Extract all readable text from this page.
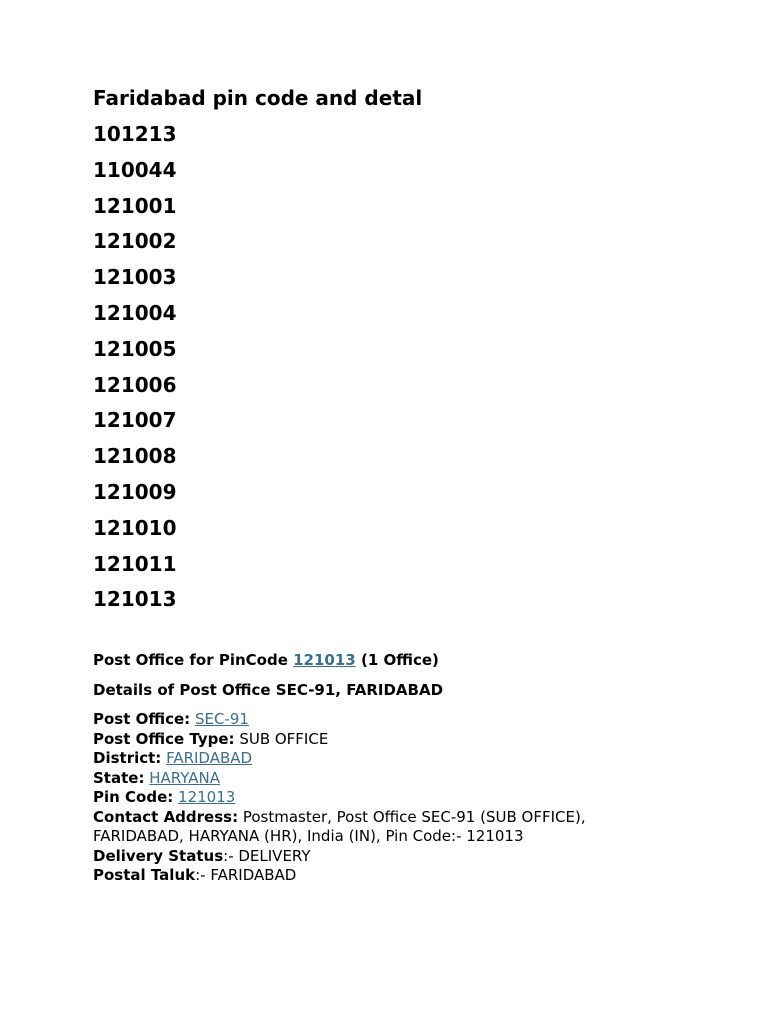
Faridabad pin code and detal
101213
110044
121001
121002
121003
121004
121005
121006
121007
121008
121009
121010
121011
121013

Post Office for PinCode 121013 (1 Office)

Details of Post Office SEC-91, FARIDABAD

Post Office: SEC-91
Post Office Type: SUB OFFICE
District: FARIDABAD
State: HARYANA
Pin Code: 121013
Contact Address: Postmaster, Post Office SEC-91 (SUB OFFICE),
FARIDABAD, HARYANA (HR), India (IN), Pin Code:- 121013
Delivery Status:- DELIVERY
Postal Taluk:- FARIDABAD
